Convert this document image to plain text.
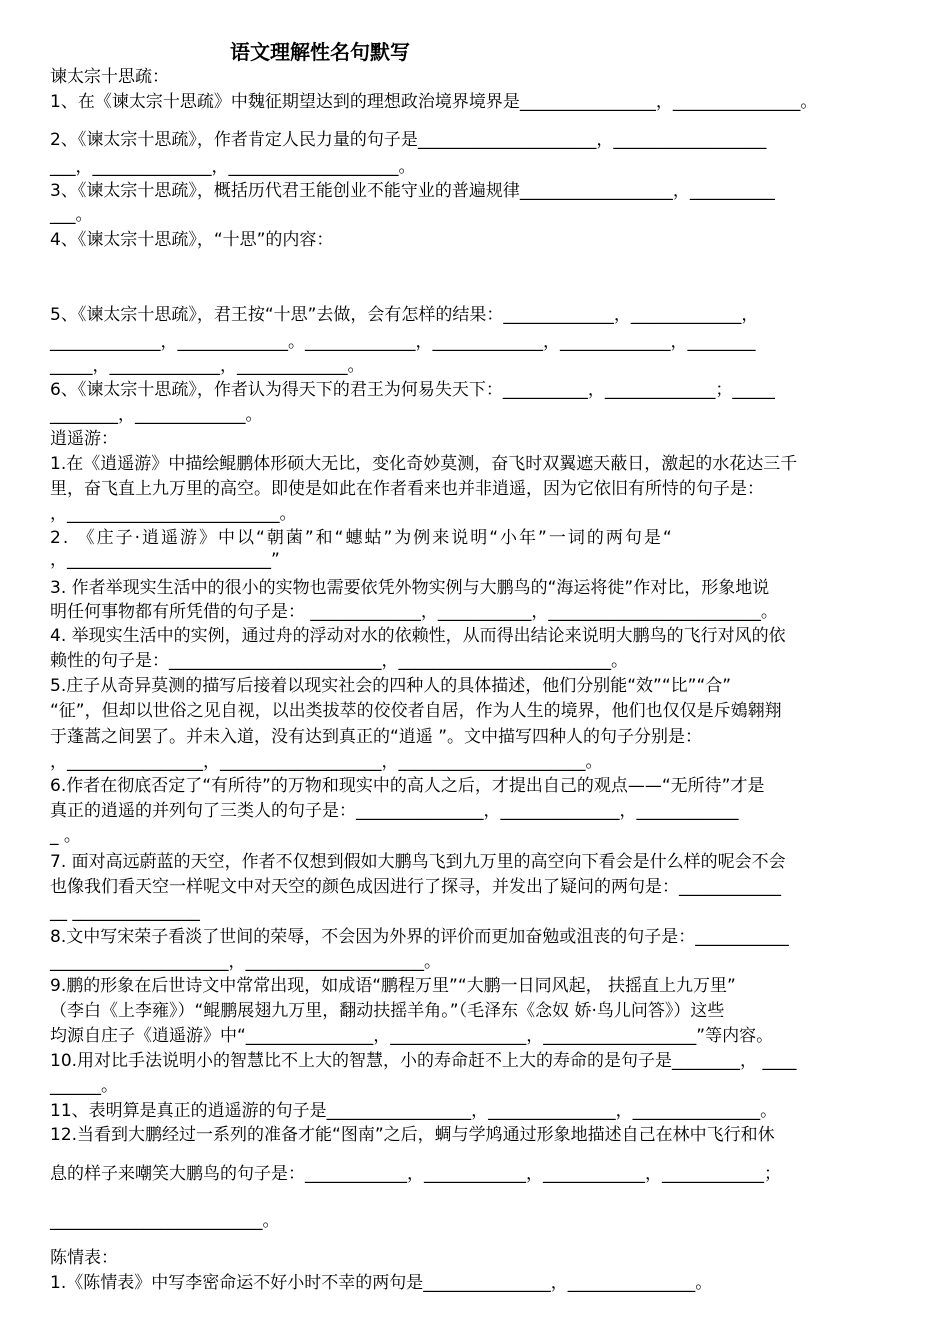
语文理解性名句默写
谏太宗十思疏：
1、在《谏太宗十思疏》中魏征期望达到的理想政治境界境界是________________，_______________。
2、《谏太宗十思疏》，作者肯定人民力量的句子是_____________________，__________________
___，______________，____________________。
3、《谏太宗十思疏》，概括历代君王能创业不能守业的普遍规律__________________，__________
___。
4、《谏太宗十思疏》，“十思”的内容：
5、《谏太宗十思疏》，君王按“十思”去做，会有怎样的结果：_____________，_____________，
_____________，_____________。_____________，_____________，_____________，________
_____，_____________，_____________。
6、《谏太宗十思疏》，作者认为得天下的君王为何易失天下：__________，_____________；_____
________，_____________。
逍遥游：
1.在《逍遥游》中描绘鲲鹏体形硕大无比，变化奇妙莫测，奋飞时双翼遮天蔽日，激起的水花达三千
里，奋飞直上九万里的高空。即使是如此在作者看来也并非逍遥，因为它依旧有所恃的句子是：
，_________________________。
2. 《庄子·逍遥游》中以“朝菌”和“蟪蛄”为例来说明“小年”一词的两句是“
，________________________”
3. 作者举现实生活中的很小的实物也需要依凭外物实例与大鹏鸟的“海运将徙”作对比，形象地说
明任何事物都有所凭借的句子是： _____________，___________，_________________________。
4. 举现实生活中的实例，通过舟的浮动对水的依赖性，从而得出结论来说明大鹏鸟的飞行对风的依
赖性的句子是：_________________________，_________________________。
5.庄子从奇异莫测的描写后接着以现实社会的四种人的具体描述，他们分别能“效”“比”“合”
“征”，但却以世俗之见自视，以出类拔萃的佼佼者自居，作为人生的境界，他们也仅仅是斥鴳翱翔
于蓬蒿之间罢了。并未入道，没有达到真正的“逍遥 ”。文中描写四种人的句子分别是：
，________________，___________________，______________________。
6.作者在彻底否定了“有所待”的万物和现实中的高人之后，才提出自己的观点——“无所待”才是
真正的逍遥的并列句了三类人的句子是：_______________，______________，____________
_ 。
7. 面对高远蔚蓝的天空，作者不仅想到假如大鹏鸟飞到九万里的高空向下看会是什么样的呢会不会
也像我们看天空一样呢文中对天空的颜色成因进行了探寻，并发出了疑问的两句是：____________
__ _______________
8.文中写宋荣子看淡了世间的荣辱，不会因为外界的评价而更加奋勉或沮丧的句子是：___________
_____________________，_____________________。
9.鹏的形象在后世诗文中常常出现，如成语“鹏程万里”“大鹏一日同风起， 扶摇直上九万里”
（李白《上李雍》）“鲲鹏展翅九万里，翻动扶摇羊角。”（毛泽东《念奴 娇·鸟儿问答》）这些
均源自庄子《逍遥游》中“_______________，________________，__________________”等内容。
10.用对比手法说明小的智慧比不上大的智慧，小的寿命赶不上大的寿命的是句子是________， ____
______。
11、表明算是真正的逍遥游的句子是_________________，_______________，_______________。
12.当看到大鹏经过一系列的准备才能“图南”之后，蜩与学鸠通过形象地描述自己在林中飞行和休
息的样子来嘲笑大鹏鸟的句子是：____________，____________，____________，____________；
_________________________。
陈情表：
1.《陈情表》中写李密命运不好小时不幸的两句是_______________，_______________。
